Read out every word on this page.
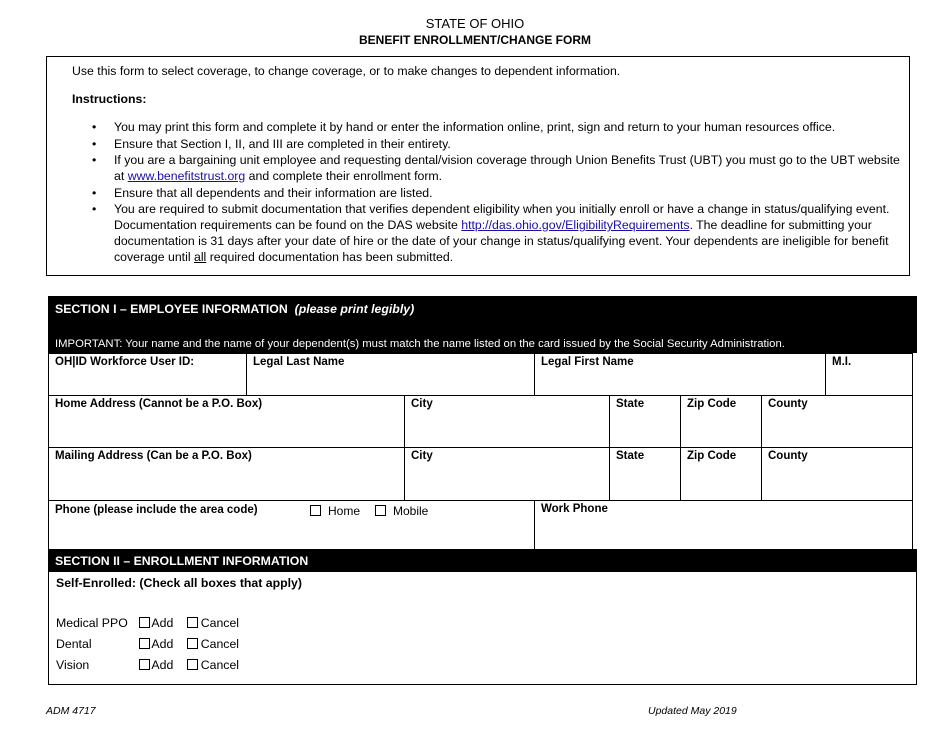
STATE OF OHIO
BENEFIT ENROLLMENT/CHANGE FORM

Use this form to select coverage, to change coverage, or to make changes to dependent information.

Instructions:

• You may print this form and complete it by hand or enter the information online, print, sign and return to your human resources office.
• Ensure that Section I, II, and III are completed in their entirety.
• If you are a bargaining unit employee and requesting dental/vision coverage through Union Benefits Trust (UBT) you must go to the UBT website at www.benefitstrust.org and complete their enrollment form.
• Ensure that all dependents and their information are listed.
• You are required to submit documentation that verifies dependent eligibility when you initially enroll or have a change in status/qualifying event. Documentation requirements can be found on the DAS website http://das.ohio.gov/EligibilityRequirements. The deadline for submitting your documentation is 31 days after your date of hire or the date of your change in status/qualifying event. Your dependents are ineligible for benefit coverage until all required documentation has been submitted.
SECTION I – EMPLOYEE INFORMATION (please print legibly)
IMPORTANT: Your name and the name of your dependent(s) must match the name listed on the card issued by the Social Security Administration.
OH|ID Workforce User ID:	Legal Last Name	Legal First Name	M.I.
Home Address (Cannot be a P.O. Box)	City	State	Zip Code	County
Mailing Address (Can be a P.O. Box)	City	State	Zip Code	County
Phone (please include the area code)	Home	Mobile	Work Phone
SECTION II – ENROLLMENT INFORMATION
Self-Enrolled: (Check all boxes that apply)
Medical PPO Add Cancel
Dental	Add Cancel
Vision	Add Cancel
ADM 4717	Updated May 2019
